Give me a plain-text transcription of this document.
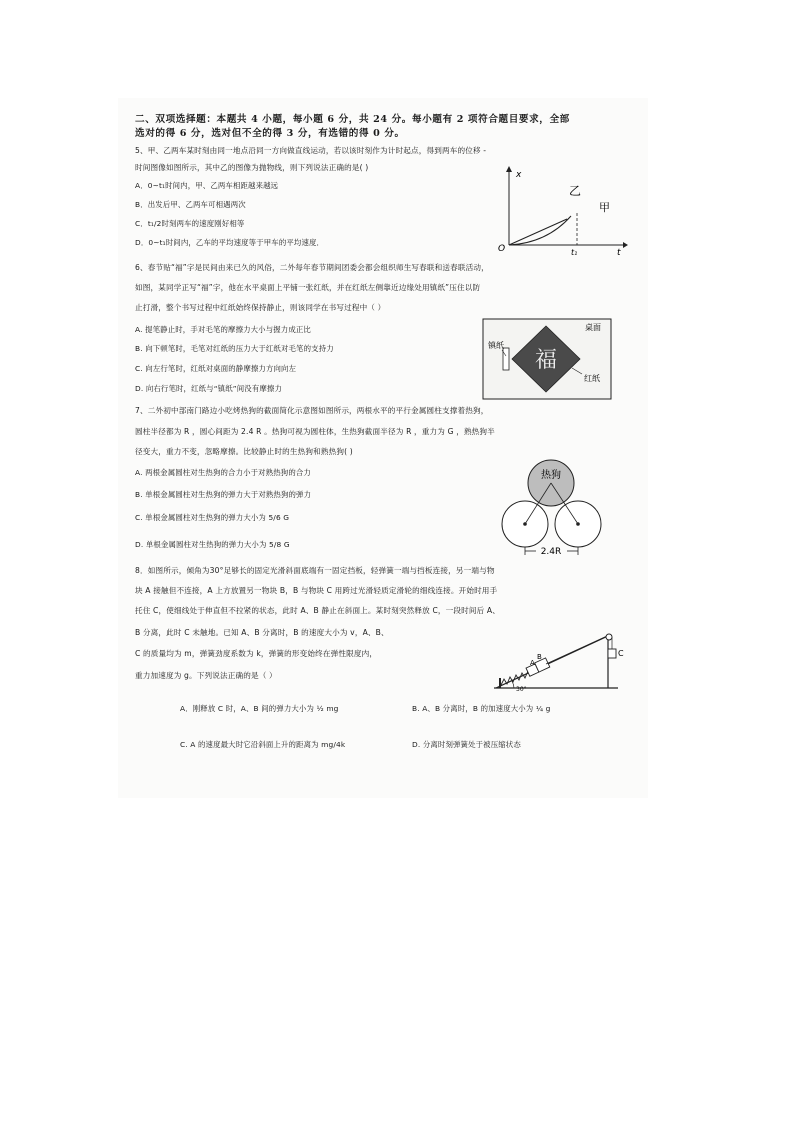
二、双项选择题：本题共 4 小题，每小题 6 分，共 24 分。每小题有 2 项符合题目要求，全部
选对的得 6 分，选对但不全的得 3 分，有选错的得 0 分。
5、甲、乙两车某时刻由同一地点沿同一方向做直线运动，若以该时刻作为计时起点，得到两车的位移 -
时间图像如图所示，其中乙的图像为抛物线，则下列说法正确的是( )
A．0~t₁时间内，甲、乙两车相距越来越远
B．出发后甲、乙两车可相遇两次
C．t₁/2时刻两车的速度刚好相等
D．0~t₁时间内，乙车的平均速度等于甲车的平均速度．
x
O	t
t₁
乙
甲
6、春节贴“福”字是民间由来已久的风俗，二外每年春节期间团委会都会组织师生写春联和送春联活动，
如图，某同学正写“福”字，他在水平桌面上平铺一张红纸，并在红纸左侧靠近边缘处用镇纸”压住以防
止打滑，整个书写过程中红纸始终保持静止，则该同学在书写过程中（ ）
A. 提笔静止时，手对毛笔的摩擦力大小与握力成正比
B. 向下顿笔时，毛笔对红纸的压力大于红纸对毛笔的支持力
C. 向左行笔时，红纸对桌面的静摩擦力方向向左
D. 向右行笔时，红纸与“镇纸”间没有摩擦力
福
桌面
镇纸
红纸
7、二外初中部南门路边小吃烤热狗的截面简化示意图如图所示，两根水平的平行金属圆柱支撑着热狗，
圆柱半径都为 R ，圆心间距为 2.4 R 。热狗可视为圆柱体，生热狗截面半径为 R ，重力为 G ，熟热狗半
径变大，重力不变，忽略摩擦。比较静止时的生热狗和熟热狗( )
A. 两根金属圆柱对生热狗的合力小于对熟热狗的合力
B. 单根金属圆柱对生热狗的弹力大于对熟热狗的弹力
C. 单根金属圆柱对生热狗的弹力大小为 5/6 G
D. 单根金属圆柱对生热狗的弹力大小为 5/8 G
热狗
2.4R
8．如图所示，倾角为30°足够长的固定光滑斜面底端有一固定挡板，轻弹簧一端与挡板连接，另一端与物
块 A 接触但不连接，A 上方放置另一物块 B，B 与物块 C 用跨过光滑轻质定滑轮的细线连接。开始时用手
托住 C，使细线处于伸直但不拉紧的状态，此时 A、B 静止在斜面上。某时刻突然释放 C，一段时间后 A、
B 分离，此时 C 未触地。已知 A、B 分离时，B 的速度大小为 v，A、B、
C 的质量均为 m，弹簧劲度系数为 k，弹簧的形变始终在弹性限度内，
重力加速度为 g。下列说法正确的是（ ）
A
B	C
30°
A．刚释放 C 时，A、B 间的弹力大小为 ½ mg	B. A、B 分离时，B 的加速度大小为 ¼ g
C. A 的速度最大时它沿斜面上升的距离为 mg/4k	D. 分离时刻弹簧处于被压缩状态
